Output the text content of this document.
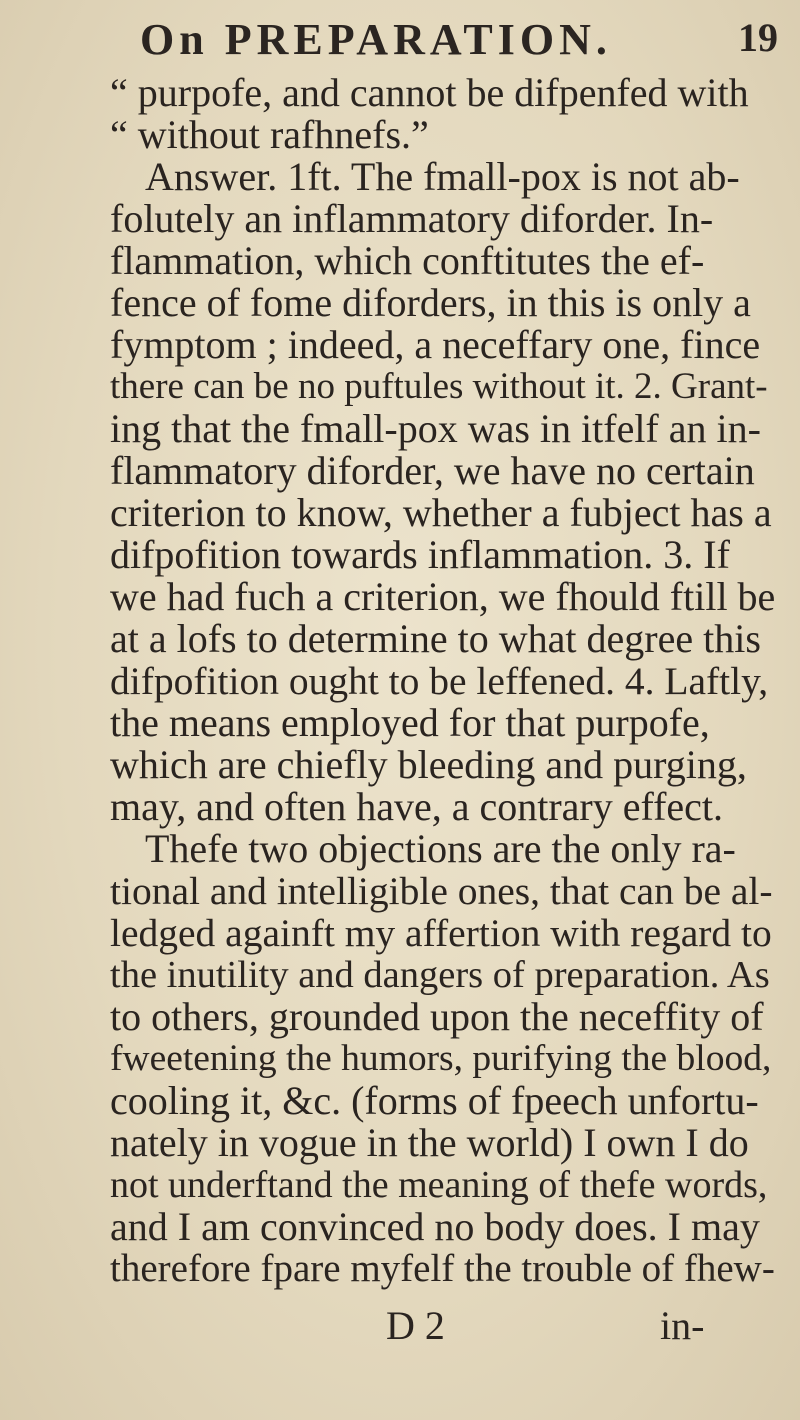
On PREPARATION.	19
“ purpofe, and cannot be difpenfed with
“ without rafhnefs.”
Answer. 1ft. The fmall-pox is not ab-
folutely an inflammatory diforder. In-
flammation, which conftitutes the ef-
fence of fome diforders, in this is only a
fymptom ; indeed, a neceffary one, fince
there can be no puftules without it. 2. Grant-
ing that the fmall-pox was in itfelf an in-
flammatory diforder, we have no certain
criterion to know, whether a fubject has a
difpofition towards inflammation. 3. If
we had fuch a criterion, we fhould ftill be
at a lofs to determine to what degree this
difpofition ought to be leffened. 4. Laftly,
the means employed for that purpofe,
which are chiefly bleeding and purging,
may, and often have, a contrary effect.
Thefe two objections are the only ra-
tional and intelligible ones, that can be al-
ledged againft my affertion with regard to
the inutility and dangers of preparation. As
to others, grounded upon the neceffity of
fweetening the humors, purifying the blood,
cooling it, &c. (forms of fpeech unfortu-
nately in vogue in the world) I own I do
not underftand the meaning of thefe words,
and I am convinced no body does. I may
therefore fpare myfelf the trouble of fhew-
D 2	in-
